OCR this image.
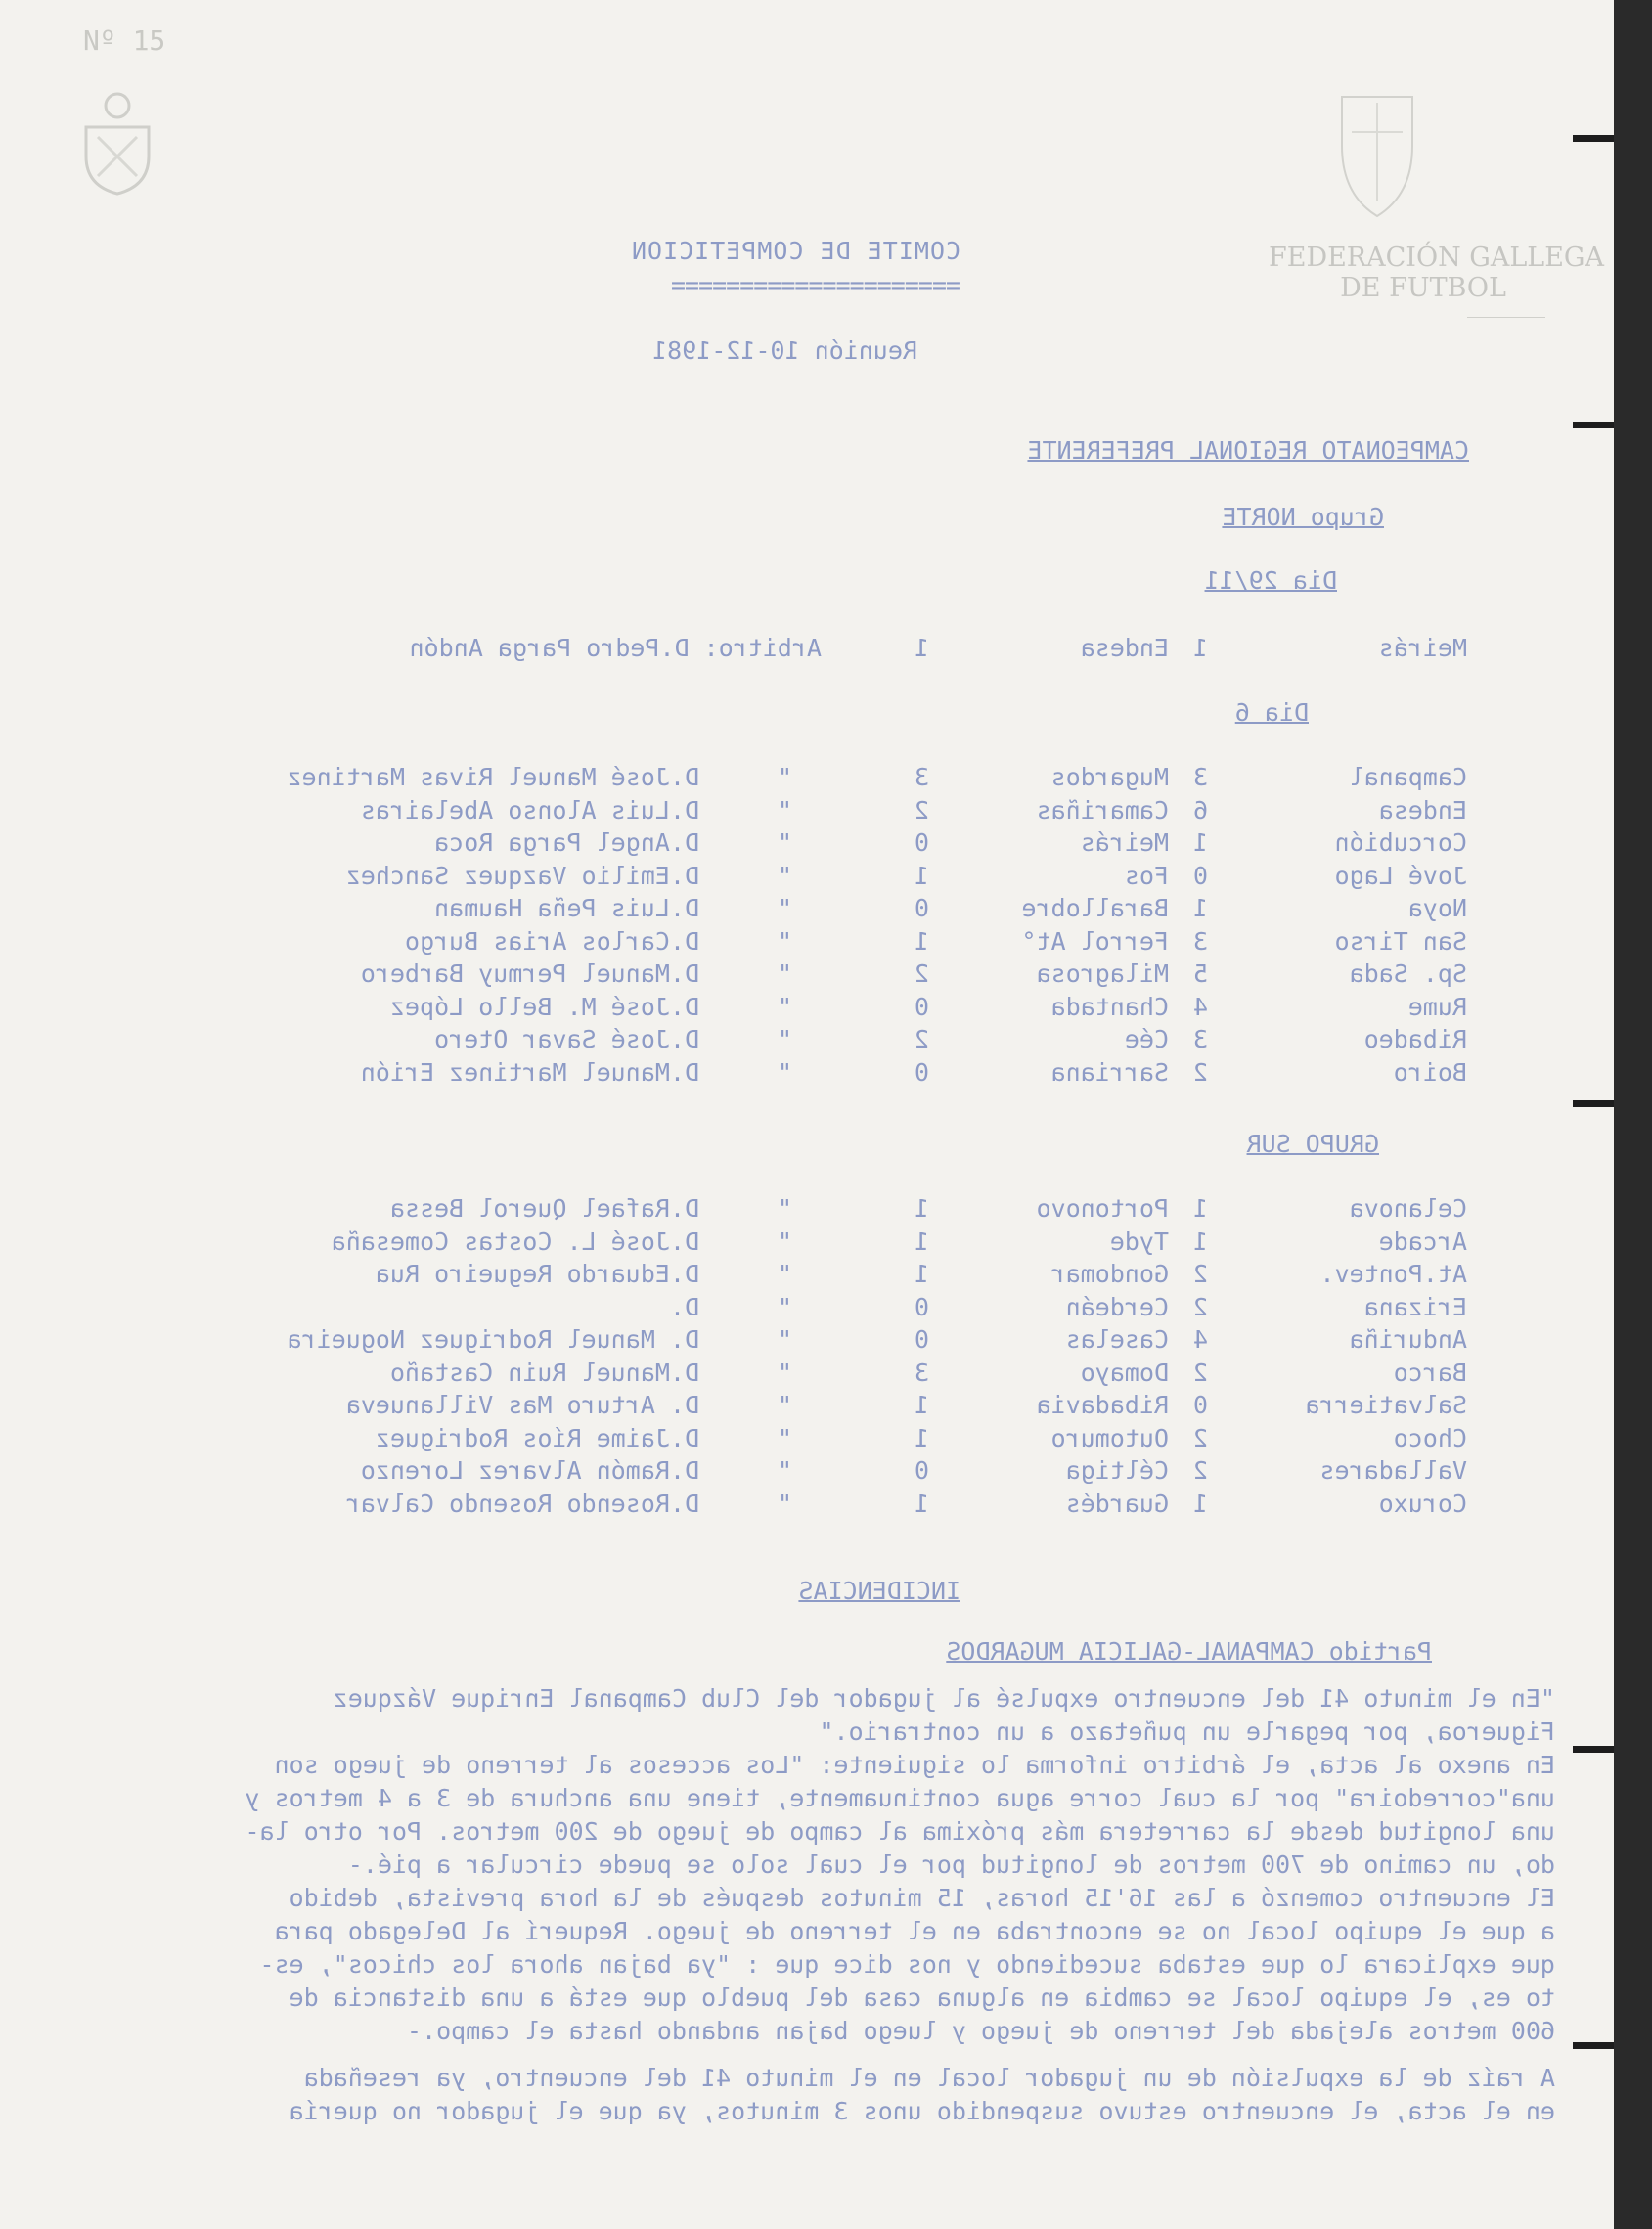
Nº 15
FEDERACIÓN GALLEGA
DE FUTBOL
COMITE DE COMPETICION
=====================
Reunión 10-12-1981
CAMPEONATO REGIONAL PREFERENTE
Grupo NORTE
Dia 29/11
Meirás
1
Endesa
1
Arbitro: D.Pedro Parga Andón
Dia 6
Campanal
3
Mugardos
3
"
D.José Manuel Rivas Martinez
Endesa
6
Camariñas
2
"
D.Luis Alonso Abelairas
Corcubión
1
Meirás
0
"
D.Angel Parga Roca
Jové Lago
0
Fos
1
"
D.Emilio Vazquez Sanchez
Noya
1
Barallobre
0
"
D.Luis Peña Hauman
San Tirso
3
Ferrol At°
1
"
D.Carlos Arias Burgo
Sp. Sada
5
Milagrosa
2
"
D.Manuel Permuy Barbero
Rume
4
Chantada
0
"
D.José M. Bello López
Ribadeo
3
Cée
2
"
D.José Savar Otero
Boiro
2
Sarriana
0
"
D.Manuel Martinez Erión
GRUPO SUR
Celanova
1
Portonovo
1
"
D.Rafael Querol Bessa
Arcade
1
Tyde
1
"
D.José L. Costas Comesaña
At.Pontev.
2
Gondomar
1
"
D.Eduardo Regueiro Rua
Erizana
2
Cerdeán
0
"
D.
Anduriña
4
Caselas
0
"
D. Manuel Rodriguez Nogueira
Barco
2
Domayo
3
"
D.Manuel Ruin Castaño
Salvatierra
0
Ribadavia
1
"
D. Arturo Mas Villanueva
Choco
2
Outomuro
1
"
D.Jaime Ríos Rodriguez
Valladares
2
Céltiga
0
"
D.Ramón Alvarez Lorenzo
Coruxo
1
Guardés
1
"
D.Rosendo Rosendo Calvar
INCIDENCIAS
Partido CAMPANAL-GALICIA MUGARDOS
"En el minuto 41 del encuentro expulsé al jugador del Club Campanal Enrique Vázquez
Figueroa, por pegarle un puñetazo a un contrario."
En anexo al acta, el árbitro informa lo siguiente: "Los accesos al terreno de juego son
una"corredoira" por la cual corre agua continuamente, tiene una anchura de 3 a 4 metros y
una longitud desde la carretera más próxima al campo de juego de 200 metros. Por otro la-
do, un camino de 700 metros de longitud por el cual solo se puede circular a pié.-
El encuentro comenzó a las 16'15 horas, 15 minutos después de la hora prevista, debido
a que el equipo local no se encontraba en el terreno de juego. Requerí al Delegado para
que explicara lo que estaba sucediendo y nos dice que : "ya bajan ahora los chicos", es-
to es, el equipo local se cambia en alguna casa del pueblo que está a una distancia de
600 metros alejada del terreno de juego y luego bajan andando hasta el campo.-
A raíz de la expulsión de un jugador local en el minuto 41 del encuentro, ya reseñada
en el acta, el encuentro estuvo suspendido unos 3 minutos, ya que el jugador no quería
